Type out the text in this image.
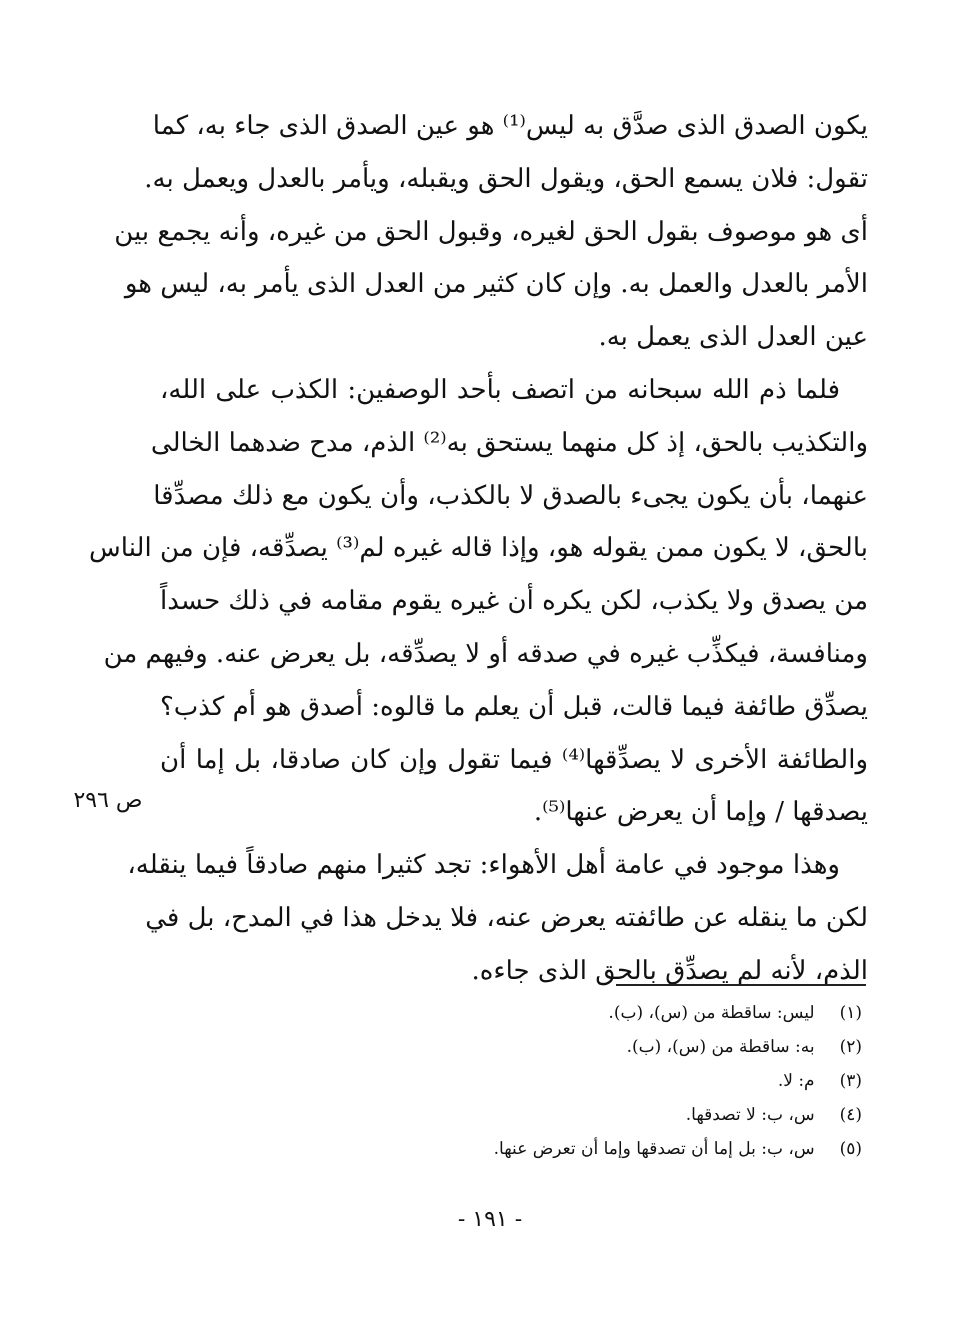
يكون الصدق الذى صدَّق به ليس⁽¹⁾ هو عين الصدق الذى جاء به، كما
تقول: فلان يسمع الحق، ويقول الحق ويقبله، ويأمر بالعدل ويعمل به.
أى هو موصوف بقول الحق لغيره، وقبول الحق من غيره، وأنه يجمع بين
الأمر بالعدل والعمل به. وإن كان كثير من العدل الذى يأمر به، ليس هو
عين العدل الذى يعمل به.
فلما ذم الله سبحانه من اتصف بأحد الوصفين: الكذب على الله،
والتكذيب بالحق، إذ كل منهما يستحق به⁽²⁾ الذم، مدح ضدهما الخالى
عنهما، بأن يكون يجىء بالصدق لا بالكذب، وأن يكون مع ذلك مصدِّقا
بالحق، لا يكون ممن يقوله هو، وإذا قاله غيره لم⁽³⁾ يصدِّقه، فإن من الناس
من يصدق ولا يكذب، لكن يكره أن غيره يقوم مقامه في ذلك حسداً
ومنافسة، فيكذِّب غيره في صدقه أو لا يصدِّقه، بل يعرض عنه. وفيهم من
يصدِّق طائفة فيما قالت، قبل أن يعلم ما قالوه: أصدق هو أم كذب؟
والطائفة الأخرى لا يصدِّقها⁽⁴⁾ فيما تقول وإن كان صادقا، بل إما أن
يصدقها / وإما أن يعرض عنها⁽⁵⁾.
وهذا موجود في عامة أهل الأهواء: تجد كثيرا منهم صادقاً فيما ينقله،
لكن ما ينقله عن طائفته يعرض عنه، فلا يدخل هذا في المدح، بل في
الذم، لأنه لم يصدِّق بالحق الذى جاءه.
ص ٢٩٦
(١) ليس: ساقطة من (س)، (ب).
(٢) به: ساقطة من (س)، (ب).
(٣) م: لا.
(٤) س، ب: لا تصدقها.
(٥) س، ب: بل إما أن تصدقها وإما أن تعرض عنها.
- ١٩١ -
